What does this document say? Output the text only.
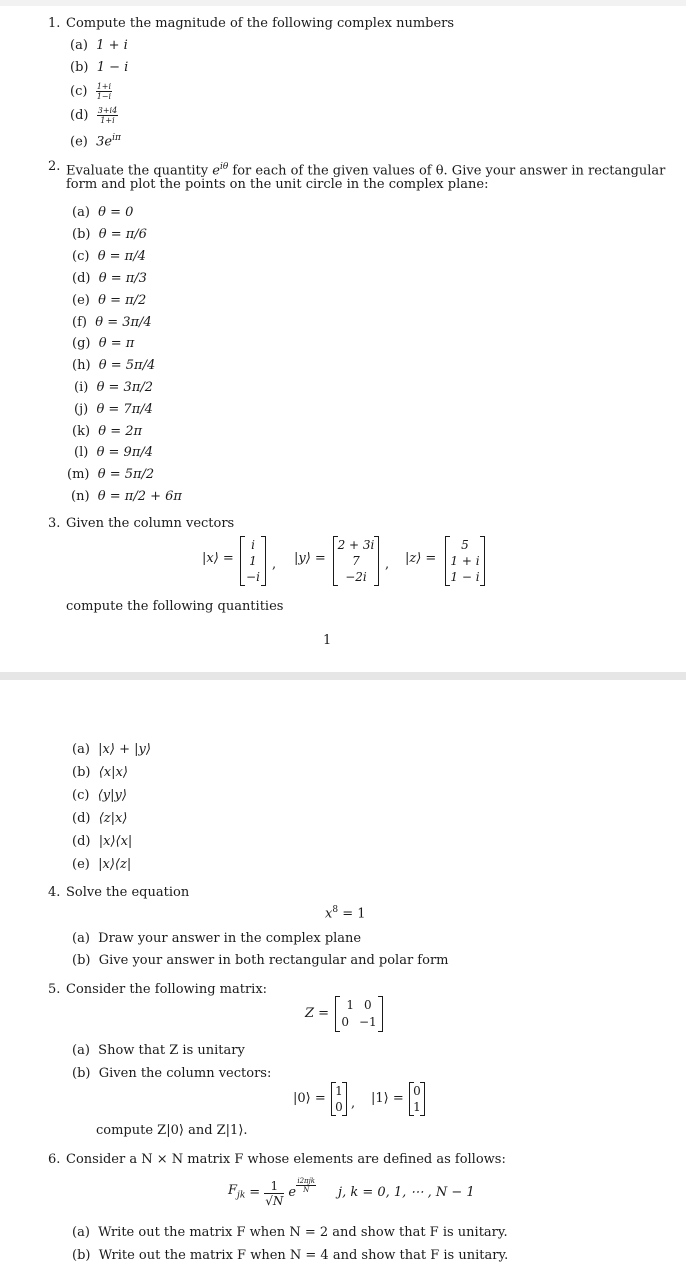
1. Compute the magnitude of the following complex numbers
(a) 1 + i
(b) 1 − i
$(c) \frac{1+i}{1-i}$
$(d) \frac{3+i4}{1+i}$
(e) $3e^{i\pi}$
2. Evaluate the quantity $e^{i\theta}$ for each of the given values of θ. Give your answer in rectangular
form and plot the points on the unit circle in the complex plane:
(a) θ = 0
(b) θ = π/6
(c) θ = π/4
(d) θ = π/3
(e) θ = π/2
(f) θ = 3π/4
(g) θ = π
(h) θ = 5π/4
(i) θ = 3π/2
(j) θ = 7π/4
(k) θ = 2π
(l) θ = 9π/4
(m) θ = 5π/2
(n) θ = π/2 + 6π
3. Given the column vectors
|x⟩ =
i
1
−i
, |y⟩ =
2 + 3i
7
−2i
, |z⟩ =
5
1 + i
1 − i
compute the following quantities
1
(a) |x⟩ + |y⟩
(b) ⟨x|x⟩
(c) ⟨y|y⟩
(d) ⟨z|x⟩
(d) |x⟩⟨x|
(e) |x⟩⟨z|
4. Solve the equation
$x^8 = 1$
(a) Draw your answer in the complex plane
(b) Give your answer in both rectangular and polar form
5. Consider the following matrix:
Z =
1 0
0 −1
(a) Show that Z is unitary
(b) Given the column vectors:
|0⟩ =
1
0 , |1⟩ =
0
1
compute Z|0⟩ and Z|1⟩.
6. Consider a N × N matrix F whose elements are defined as follows:
$F_{jk} = \frac{1}{√N}$ e
i2πjk
N	j, k = 0, 1, ⋯ , N − 1
(a) Write out the matrix F when N = 2 and show that F is unitary.
(b) Write out the matrix F when N = 4 and show that F is unitary.
